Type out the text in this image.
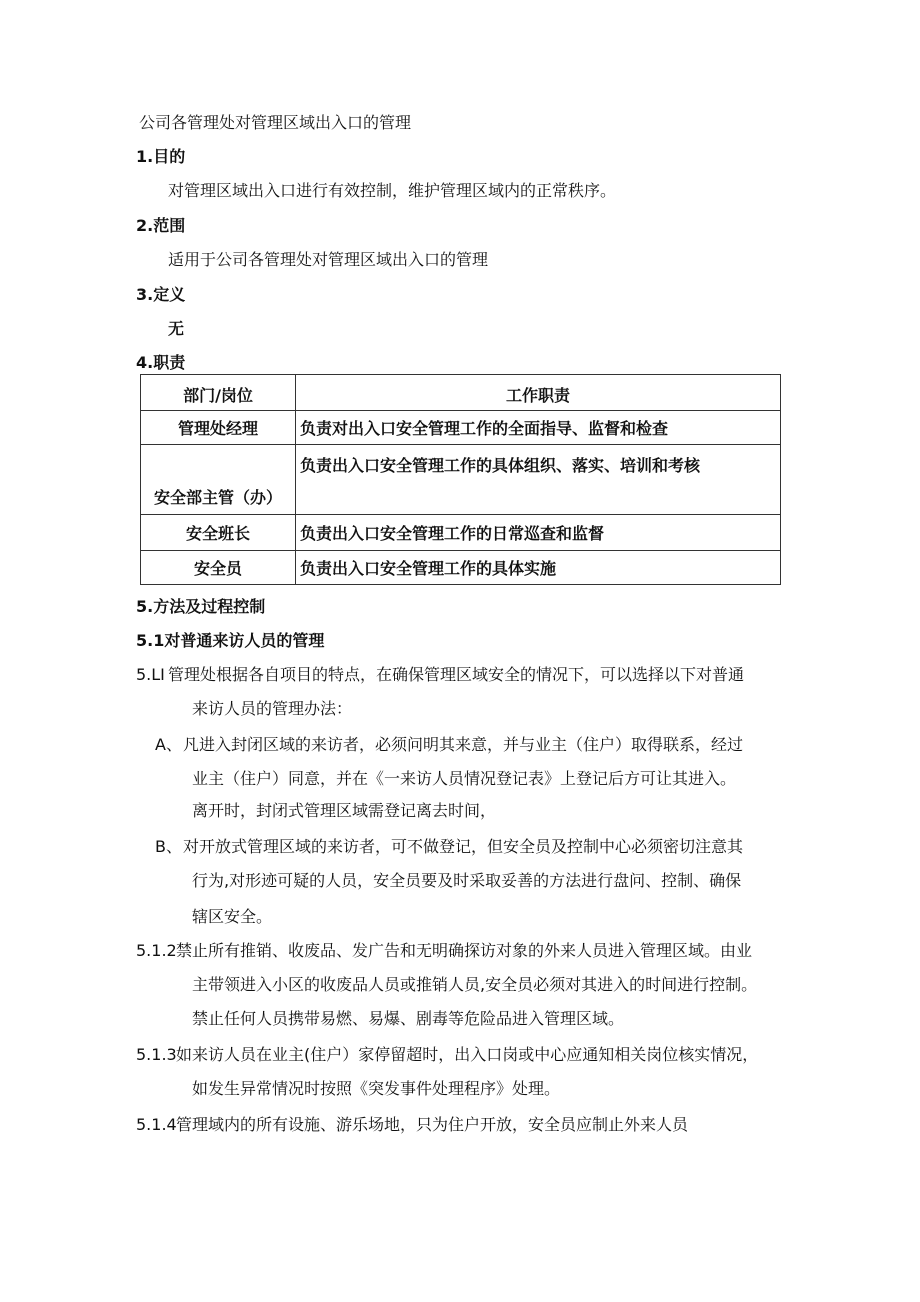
公司各管理处对管理区域出入口的管理
1.目的
对管理区域出入口进行有效控制，维护管理区域内的正常秩序。
2.范围
适用于公司各管理处对管理区域出入口的管理
3.定义
无
4.职责
部门/岗位	工作职责
管理处经理	负责对出入口安全管理工作的全面指导、监督和检查
安全部主管（办）	负责出入口安全管理工作的具体组织、落实、培训和考核
安全班长	负责出入口安全管理工作的日常巡查和监督
安全员	负责出入口安全管理工作的具体实施
5.方法及过程控制
5.1对普通来访人员的管理
5.LI 管理处根据各自项目的特点，在确保管理区域安全的情况下，可以选择以下对普通
来访人员的管理办法：
A、 凡进入封闭区域的来访者，必须问明其来意，并与业主（住户）取得联系，经过
业主（住户）同意，并在《一来访人员情况登记表》上登记后方可让其进入。
离开时，封闭式管理区域需登记离去时间，
B、 对开放式管理区域的来访者，可不做登记，但安全员及控制中心必须密切注意其
行为,对形迹可疑的人员，安全员要及时采取妥善的方法进行盘问、控制、确保
辖区安全。
5.1.2 禁止所有推销、收废品、发广告和无明确探访对象的外来人员进入管理区域。由业
主带领进入小区的收废品人员或推销人员,安全员必须对其进入的时间进行控制。
禁止任何人员携带易燃、易爆、剧毒等危险品进入管理区域。
5.1.3 如来访人员在业主(住户）家停留超时，出入口岗或中心应通知相关岗位核实情况，
如发生异常情况时按照《突发事件处理程序》处理。
5.1.4 管理域内的所有设施、游乐场地，只为住户开放，安全员应制止外来人员
